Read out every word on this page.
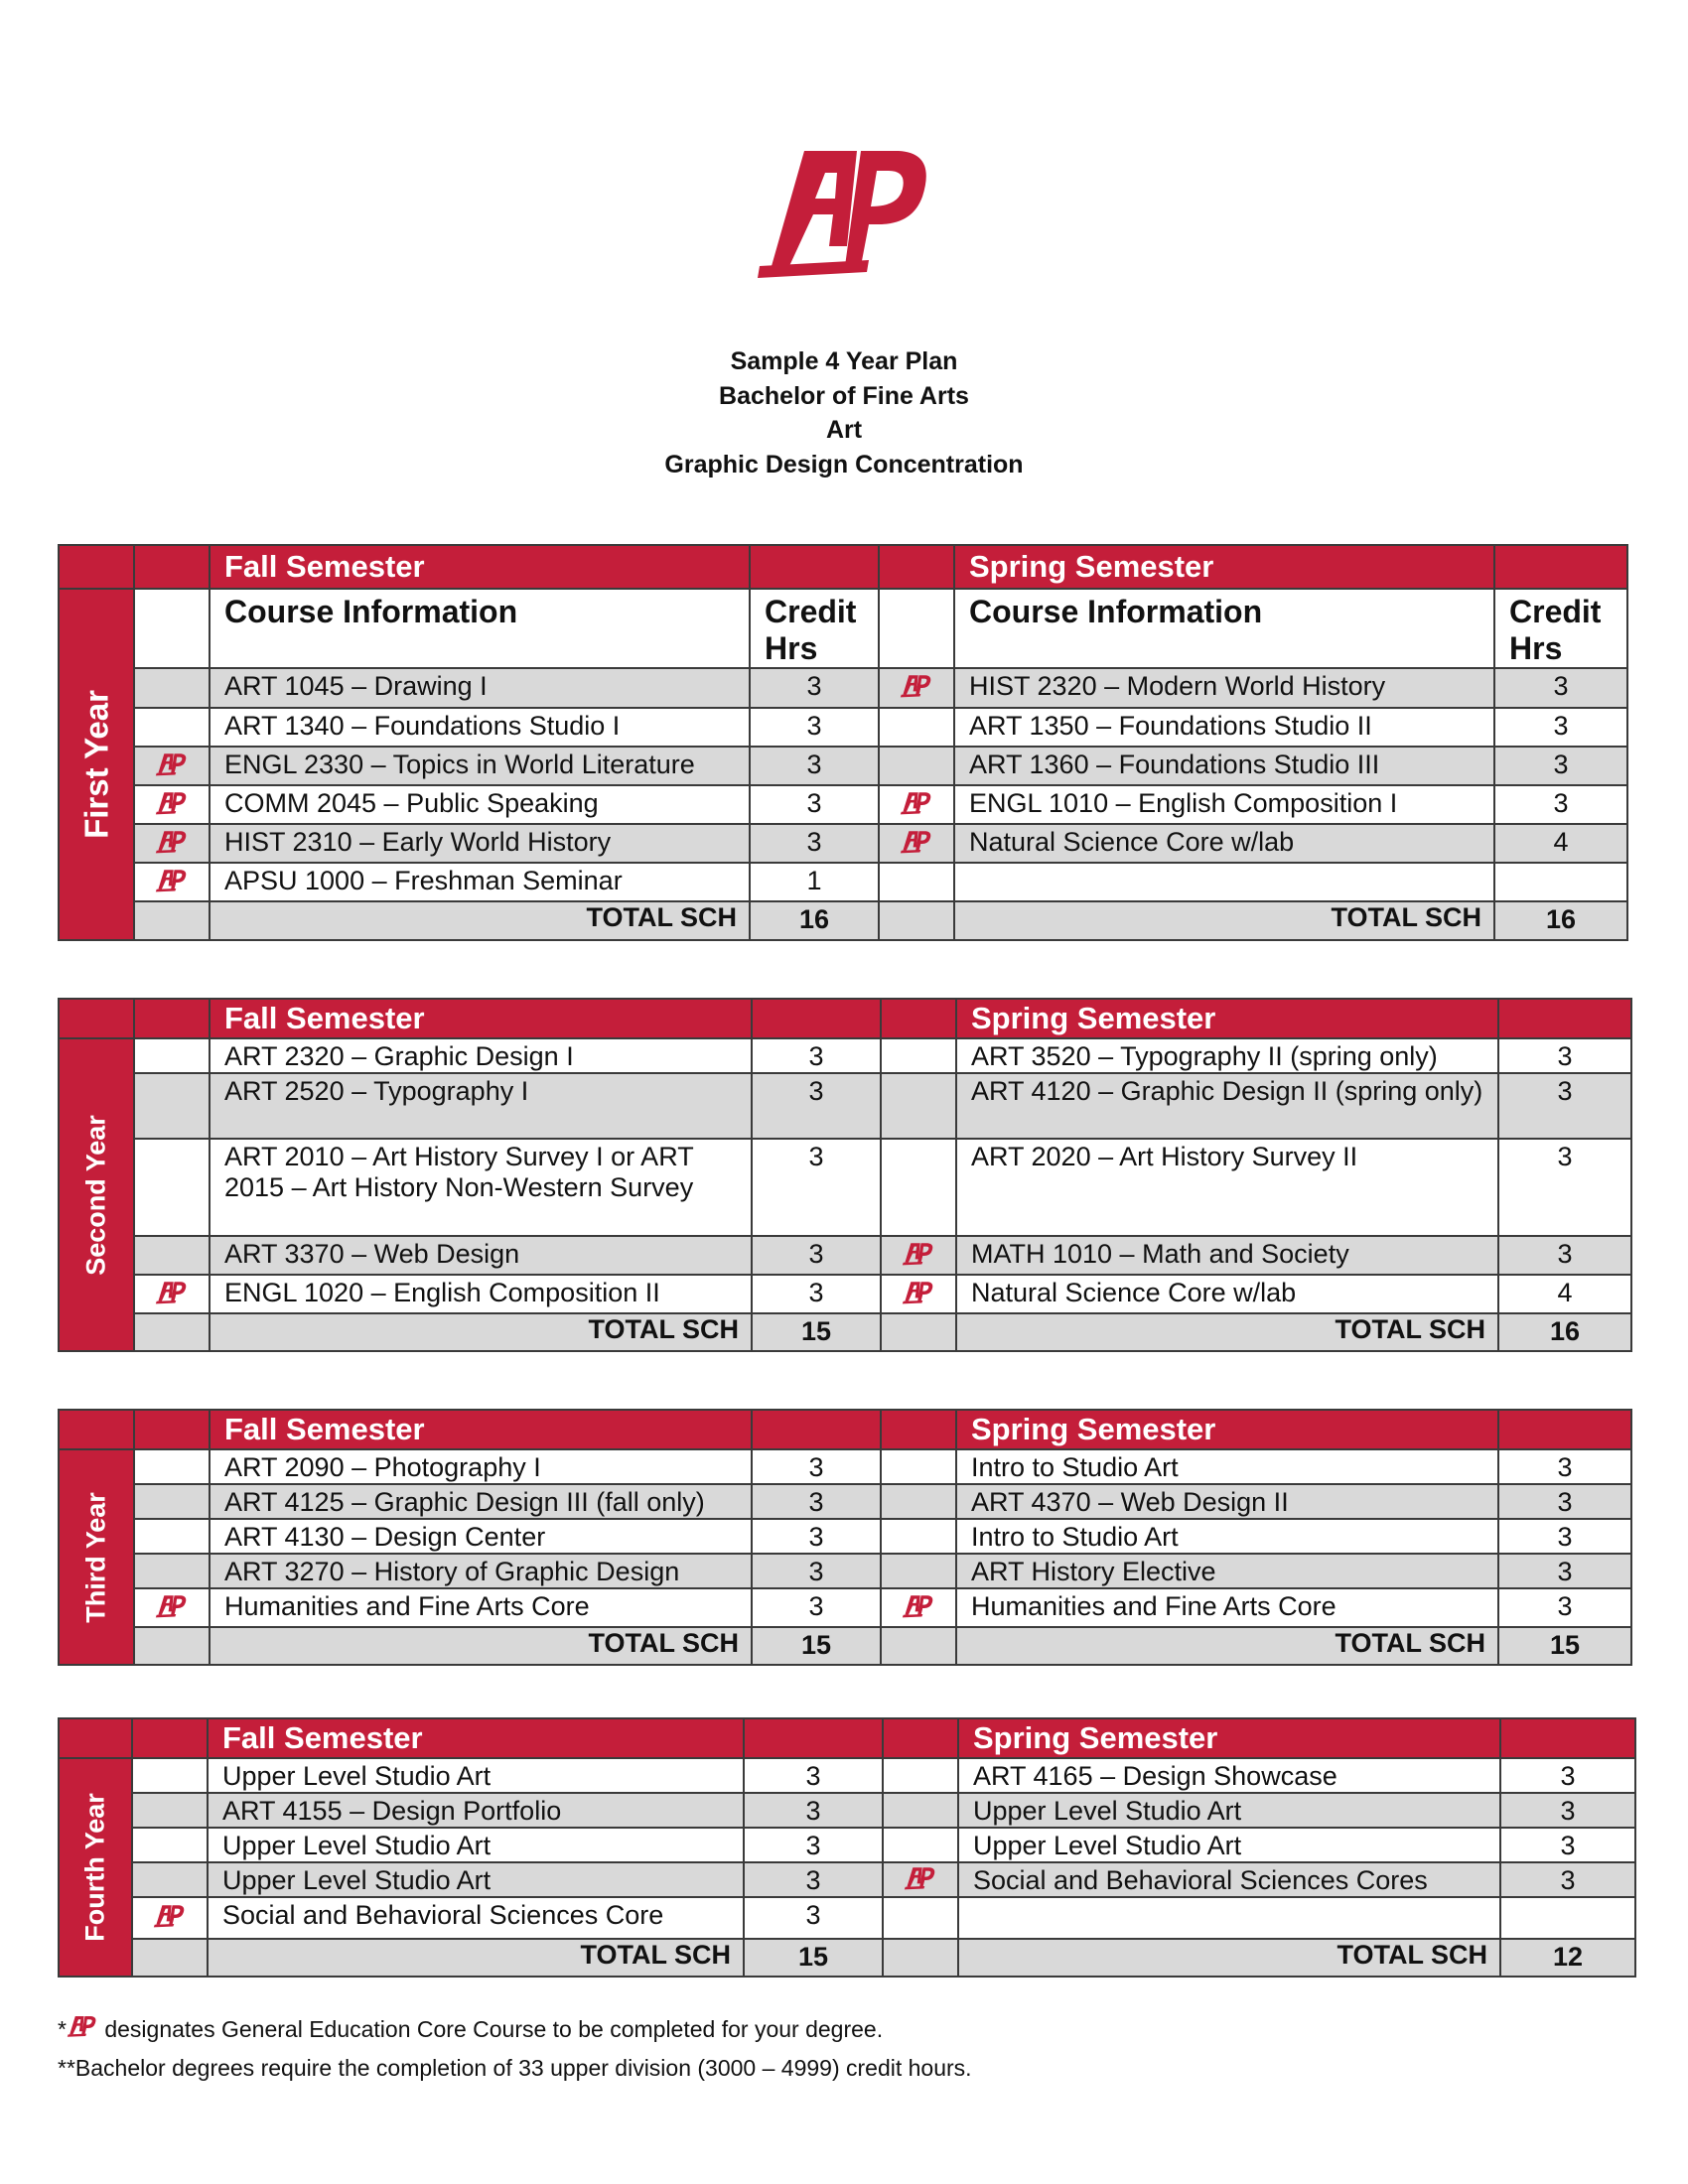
Sample 4 Year Plan
Bachelor of Fine Arts
Art
Graphic Design Concentration
		Fall Semester			Spring Semester	

First Year		Course Information	Credit Hrs		Course Information	Credit Hrs
		ART 1045 – Drawing I	3		HIST 2320 – Modern World History	3
		ART 1340 – Foundations Studio I	3		ART 1350 – Foundations Studio II	3

	ENGL 2330 – Topics in World Literature	3		ART 1360 – Foundations Studio III	3

	COMM 2045 – Public Speaking	3		ENGL 1010 – English Composition I	3

	HIST 2310 – Early World History	3		Natural Science Core w/lab	4

	APSU 1000 – Freshman Seminar	1			
		TOTAL SCH	16		TOTAL SCH	16
		Fall Semester			Spring Semester	

Second Year		ART 2320 – Graphic Design I	3		ART 3520 – Typography II (spring only)	3
		ART 2520 – Typography I	3		ART 4120 – Graphic Design II (spring only)	3
		ART 2010 – Art History Survey I or ART 2015 – Art History Non-Western Survey	3		ART 2020 – Art History Survey II	3
		ART 3370 – Web Design	3		MATH 1010 – Math and Society	3

	ENGL 1020 – English Composition II	3		Natural Science Core w/lab	4
		TOTAL SCH	15		TOTAL SCH	16
		Fall Semester			Spring Semester	

Third Year		ART 2090 – Photography I	3		Intro to Studio Art	3
		ART 4125 – Graphic Design III (fall only)	3		ART 4370 – Web Design II	3
		ART 4130 – Design Center	3		Intro to Studio Art	3
		ART 3270 – History of Graphic Design	3		ART History Elective	3

	Humanities and Fine Arts Core	3		Humanities and Fine Arts Core	3
		TOTAL SCH	15		TOTAL SCH	15
		Fall Semester			Spring Semester	

Fourth Year		Upper Level Studio Art	3		ART 4165 – Design Showcase	3
		ART 4155 – Design Portfolio	3		Upper Level Studio Art	3
		Upper Level Studio Art	3		Upper Level Studio Art	3
		Upper Level Studio Art	3		Social and Behavioral Sciences Cores	3

	Social and Behavioral Sciences Core	3			
		TOTAL SCH	15		TOTAL SCH	12
* designates General Education Core Course to be completed for your degree.
**Bachelor degrees require the completion of 33 upper division (3000 – 4999) credit hours.
